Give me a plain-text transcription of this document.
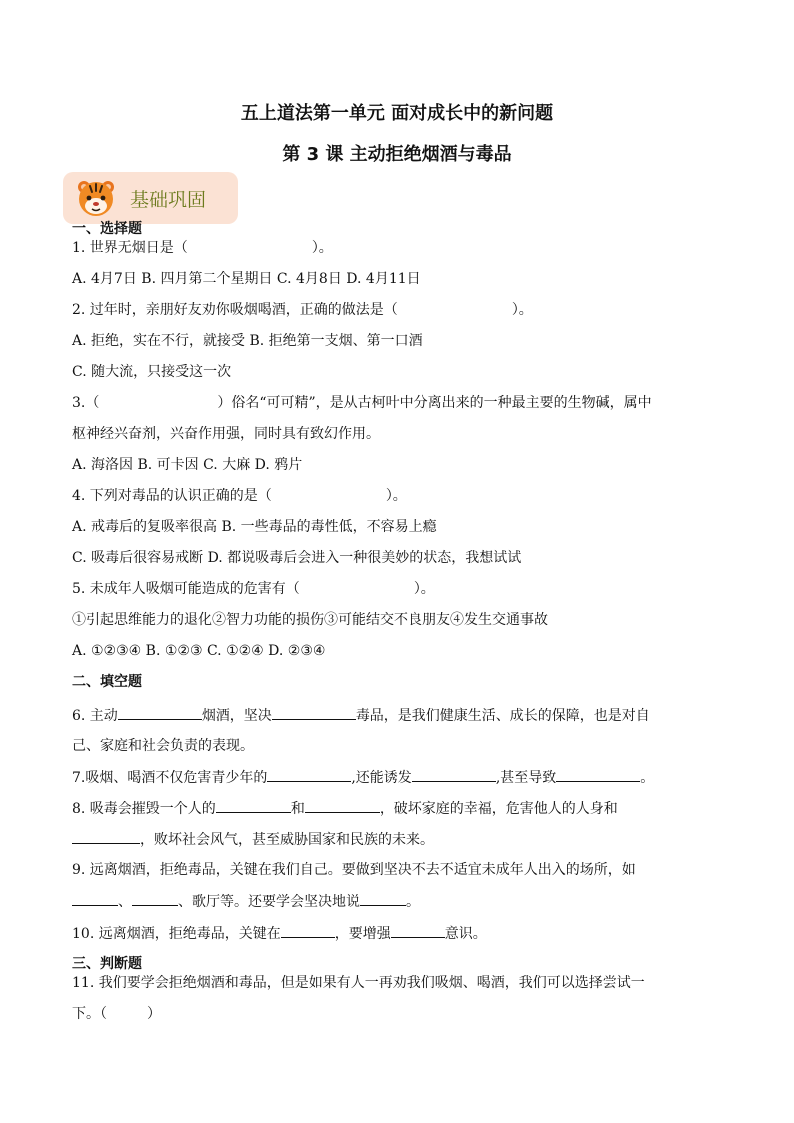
五上道法第一单元 面对成长中的新问题
第 3 课 主动拒绝烟酒与毒品
基础巩固
一、选择题
1. 世界无烟日是（	）。
A. 4月7日 B. 四月第二个星期日 C. 4月8日 D. 4月11日
2. 过年时，亲朋好友劝你吸烟喝酒，正确的做法是（	）。
A. 拒绝，实在不行，就接受 B. 拒绝第一支烟、第一口酒
C. 随大流，只接受这一次
3.（	）俗名“可可精”，是从古柯叶中分离出来的一种最主要的生物碱，属中
枢神经兴奋剂，兴奋作用强，同时具有致幻作用。
A. 海洛因 B. 可卡因 C. 大麻 D. 鸦片
4. 下列对毒品的认识正确的是（	）。
A. 戒毒后的复吸率很高 B. 一些毒品的毒性低，不容易上瘾
C. 吸毒后很容易戒断 D. 都说吸毒后会进入一种很美妙的状态，我想试试
5. 未成年人吸烟可能造成的危害有（	）。
①引起思维能力的退化②智力功能的损伤③可能结交不良朋友④发生交通事故
A. ①②③④ B. ①②③ C. ①②④ D. ②③④
二、填空题
6. 主动	烟酒，坚决	毒品，是我们健康生活、成长的保障，也是对自
己、家庭和社会负责的表现。
7.吸烟、喝酒不仅危害青少年的	,还能诱发	,甚至导致	。
8. 吸毒会摧毁一个人的	和	，破坏家庭的幸福，危害他人的人身和
，败坏社会风气，甚至威胁国家和民族的未来。
9. 远离烟酒，拒绝毒品，关键在我们自己。要做到坚决不去不适宜未成年人出入的场所，如
、	、歌厅等。还要学会坚决地说	。
10. 远离烟酒，拒绝毒品，关键在	，要增强	意识。
三、判断题
11. 我们要学会拒绝烟酒和毒品，但是如果有人一再劝我们吸烟、喝酒，我们可以选择尝试一
下。（	）
